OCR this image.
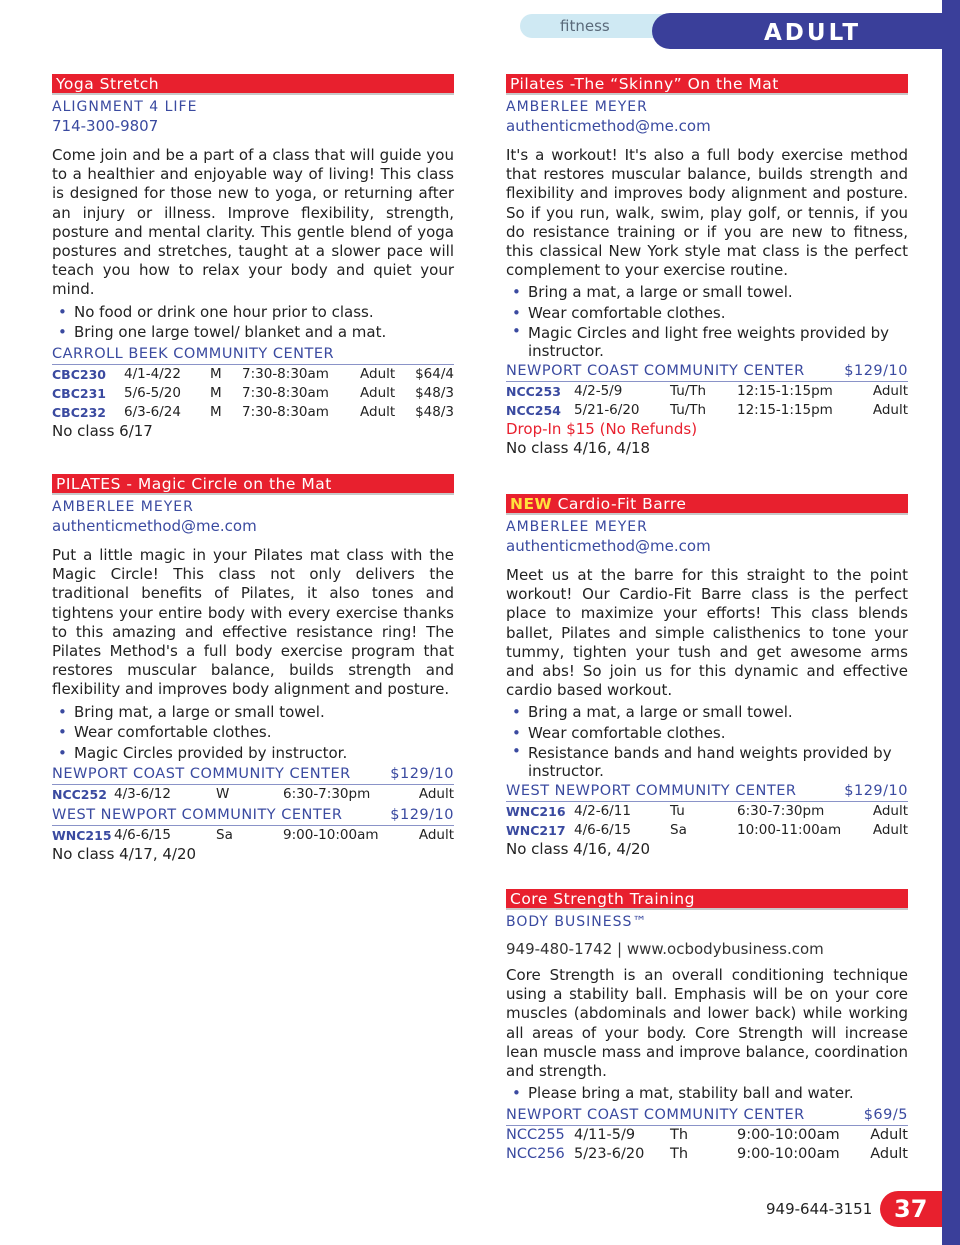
fitness	ADULT
Yoga Stretch
ALIGNMENT 4 LIFE
714-300-9807
Come join and be a part of a class that will guide you to a healthier and enjoyable way of living! This class is designed for those new to yoga, or returning after an injury or illness. Improve flexibility, strength, posture and mental clarity. This gentle blend of yoga postures and stretches, taught at a slower pace will teach you how to relax your body and quiet your mind.
• No food or drink one hour prior to class.
• Bring one large towel/ blanket and a mat.
CARROLL BEEK COMMUNITY CENTER
CBC230	4/1-4/22	M	7:30-8:30am	Adult	$64/4
CBC231	5/6-5/20	M	7:30-8:30am	Adult	$48/3
CBC232	6/3-6/24	M	7:30-8:30am	Adult	$48/3
No class 6/17
PILATES - Magic Circle on the Mat
AMBERLEE MEYER
authenticmethod@me.com
Put a little magic in your Pilates mat class with the Magic Circle! This class not only delivers the traditional benefits of Pilates, it also tones and tightens your entire body with every exercise thanks to this amazing and effective resistance ring! The Pilates Method's a full body exercise program that restores muscular balance, builds strength and flexibility and improves body alignment and posture.
• Bring mat, a large or small towel.
• Wear comfortable clothes.
• Magic Circles provided by instructor.
NEWPORT COAST COMMUNITY CENTER	$129/10
NCC252	4/3-6/12	W	6:30-7:30pm	Adult
WEST NEWPORT COMMUNITY CENTER	$129/10
WNC215	4/6-6/15	Sa	9:00-10:00am	Adult
No class 4/17, 4/20
Pilates -The “Skinny” On the Mat
AMBERLEE MEYER
authenticmethod@me.com
It's a workout! It's also a full body exercise method that restores muscular balance, builds strength and flexibility and improves body alignment and posture. So if you run, walk, swim, play golf, or tennis, if you do resistance training or if you are new to fitness, this classical New York style mat class is the perfect complement to your exercise routine.
• Bring a mat, a large or small towel.
• Wear comfortable clothes.
• Magic Circles and light free weights provided by instructor.
NEWPORT COAST COMMUNITY CENTER	$129/10
NCC253	4/2-5/9	Tu/Th	12:15-1:15pm	Adult
NCC254	5/21-6/20	Tu/Th	12:15-1:15pm	Adult
Drop-In $15 (No Refunds)
No class 4/16, 4/18
NEW Cardio-Fit Barre
AMBERLEE MEYER
authenticmethod@me.com
Meet us at the barre for this straight to the point workout! Our Cardio-Fit Barre class is the perfect place to maximize your efforts! This class blends ballet, Pilates and simple calisthenics to tone your tummy, tighten your tush and get awesome arms and abs! So join us for this dynamic and effective cardio based workout.
• Bring a mat, a large or small towel.
• Wear comfortable clothes.
• Resistance bands and hand weights provided by instructor.
WEST NEWPORT COMMUNITY CENTER	$129/10
WNC216	4/2-6/11	Tu	6:30-7:30pm	Adult
WNC217	4/6-6/15	Sa	10:00-11:00am	Adult
No class 4/16, 4/20
Core Strength Training
BODY BUSINESS™
949-480-1742 | www.ocbodybusiness.com
Core Strength is an overall conditioning technique using a stability ball. Emphasis will be on your core muscles (abdominals and lower back) while working all areas of your body. Core Strength will increase lean muscle mass and improve balance, coordination and strength.
• Please bring a mat, stability ball and water.
NEWPORT COAST COMMUNITY CENTER	$69/5
NCC255	4/11-5/9	Th	9:00-10:00am	Adult
NCC256	5/23-6/20	Th	9:00-10:00am	Adult
949-644-3151 37
